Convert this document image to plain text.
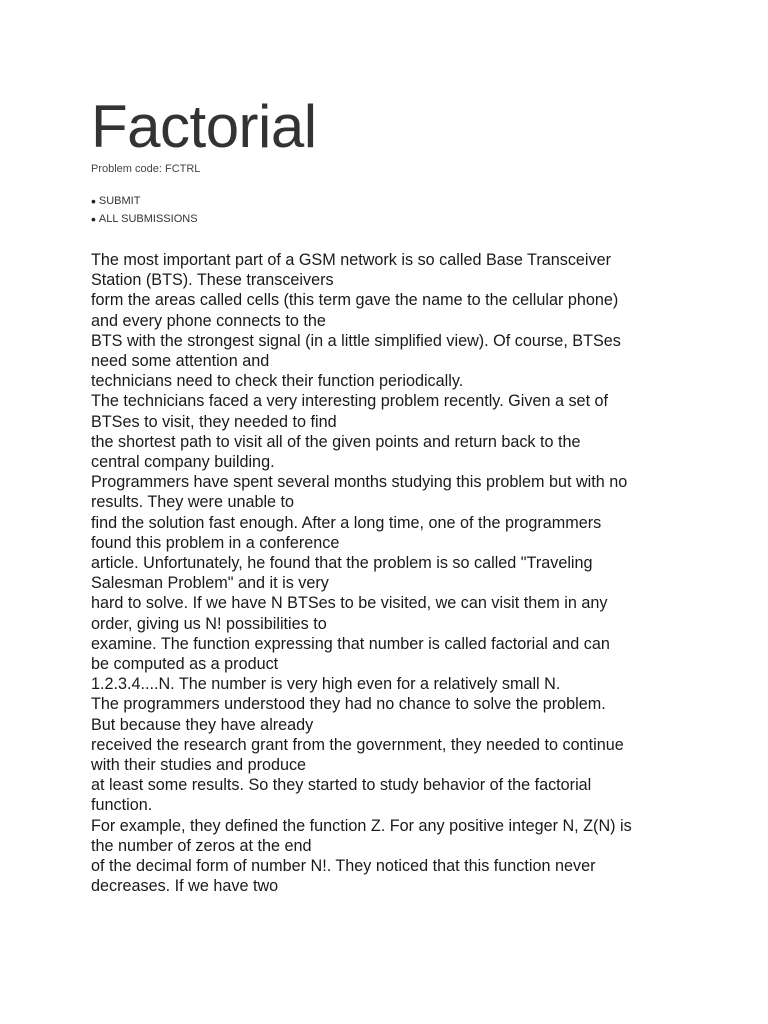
Factorial
Problem code: FCTRL
• SUBMIT
• ALL SUBMISSIONS
The most important part of a GSM network is so called Base Transceiver
Station (BTS). These transceivers
form the areas called cells (this term gave the name to the cellular phone)
and every phone connects to the
BTS with the strongest signal (in a little simplified view). Of course, BTSes
need some attention and
technicians need to check their function periodically.
The technicians faced a very interesting problem recently. Given a set of
BTSes to visit, they needed to find
the shortest path to visit all of the given points and return back to the
central company building.
Programmers have spent several months studying this problem but with no
results. They were unable to
find the solution fast enough. After a long time, one of the programmers
found this problem in a conference
article. Unfortunately, he found that the problem is so called "Traveling
Salesman Problem" and it is very
hard to solve. If we have N BTSes to be visited, we can visit them in any
order, giving us N! possibilities to
examine. The function expressing that number is called factorial and can
be computed as a product
1.2.3.4....N. The number is very high even for a relatively small N.
The programmers understood they had no chance to solve the problem.
But because they have already
received the research grant from the government, they needed to continue
with their studies and produce
at least some results. So they started to study behavior of the factorial
function.
For example, they defined the function Z. For any positive integer N, Z(N) is
the number of zeros at the end
of the decimal form of number N!. They noticed that this function never
decreases. If we have two
